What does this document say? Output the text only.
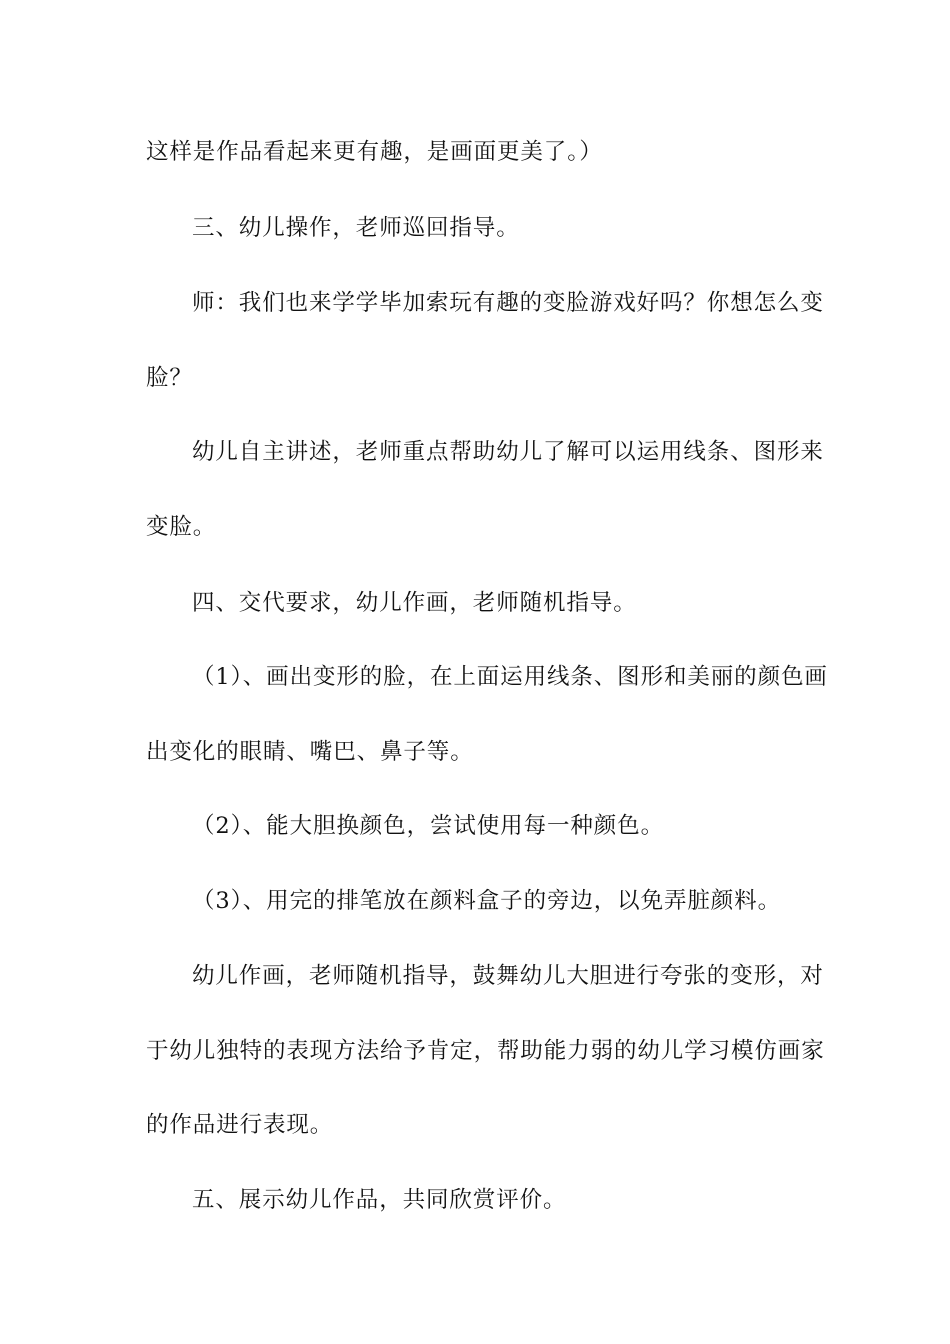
这样是作品看起来更有趣，是画面更美了。）
三、幼儿操作，老师巡回指导。
师：我们也来学学毕加索玩有趣的变脸游戏好吗？你想怎么变
脸？
幼儿自主讲述，老师重点帮助幼儿了解可以运用线条、图形来
变脸。
四、交代要求，幼儿作画，老师随机指导。
（1）、画出变形的脸，在上面运用线条、图形和美丽的颜色画
出变化的眼睛、嘴巴、鼻子等。
（2）、能大胆换颜色，尝试使用每一种颜色。
（3）、用完的排笔放在颜料盒子的旁边，以免弄脏颜料。
幼儿作画，老师随机指导，鼓舞幼儿大胆进行夸张的变形，对
于幼儿独特的表现方法给予肯定，帮助能力弱的幼儿学习模仿画家
的作品进行表现。
五、展示幼儿作品，共同欣赏评价。
